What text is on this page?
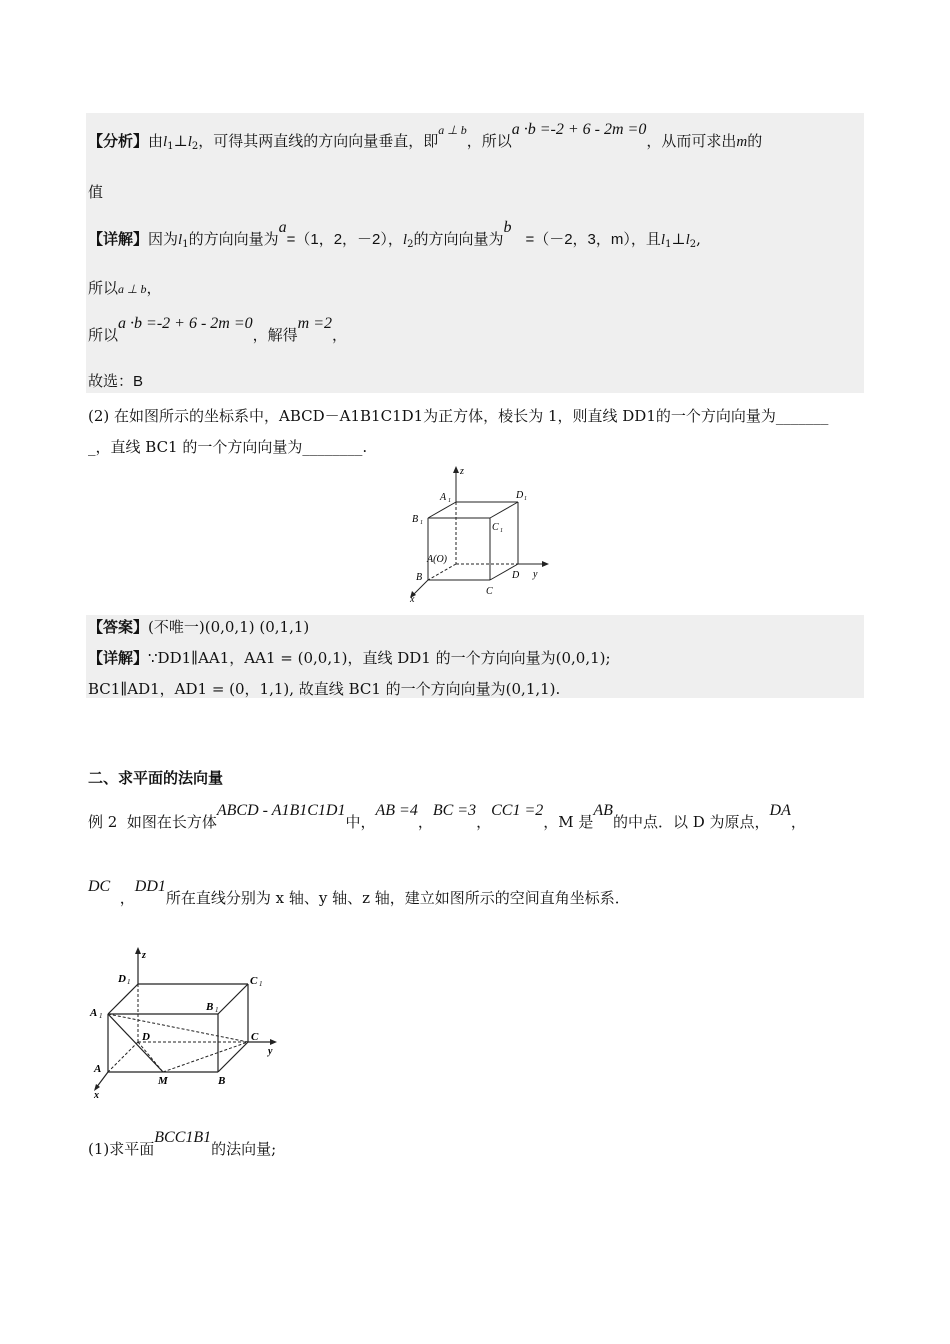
【分析】由$l_1\perp l_2$，可得其两直线的方向向量垂直，即$^{a \perp b}$，所以a ·b =-2 + 6 - 2m =0，从而可求出m的
值
【详解】因为$l_1$的方向向量为a=（1，2，－2），$l_2$的方向向量为b=（－2，3，m），且$l_1\perp l_2$,
所以a ⊥ b，
所以a ·b =-2 + 6 - 2m =0，解得m =2，
故选：B
(2) 在如图所示的坐标系中，ABCD－A1B1C1D1为正方体，棱长为 1，则直线 DD1的一个方向向量为_______
_，直线 BC1 的一个方向向量为________.
z
y
x
A 1	D 1
B 1	C 1
A(O)
B
C
D
【答案】(不唯一)(0,0,1) (0,1,1)
【详解】∵DD1∥AA1，AA1 = (0,0,1)，直线 DD1 的一个方向向量为(0,0,1);
BC1∥AD1，AD1 = (0，1,1), 故直线 BC1 的一个方向向量为(0,1,1).
二、求平面的法向量
例 2 如图在长方体ABCD - A1B1C1D1中，AB =4，BC =3，CC1 =2，M 是AB的中点．以 D 为原点，DA，
DC  ，DD1所在直线分别为 x 轴、y 轴、z 轴，建立如图所示的空间直角坐标系．
z
y
x
D 1	C 1
A 1
B 1
D	C
A
M	B
(1)求平面BCC1B1的法向量;
